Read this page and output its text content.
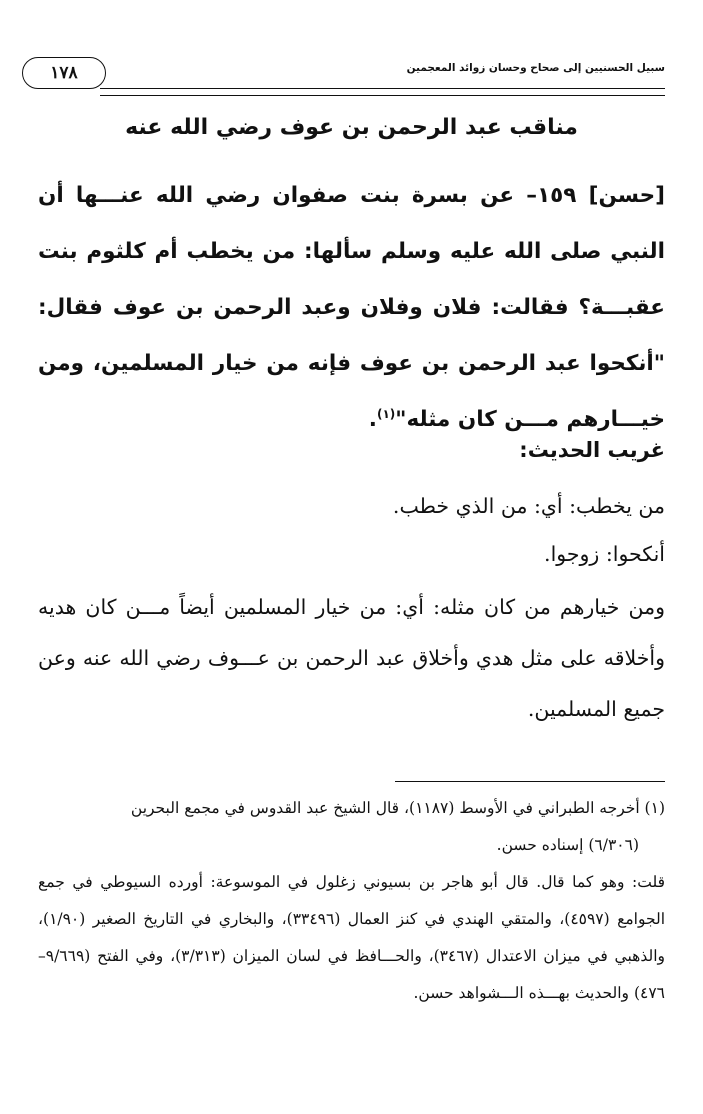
١٧٨	سبيل الحسنيين إلى صحاح وحسان زوائد المعجمين
مناقب عبد الرحمن بن عوف رضي الله عنه
[حسن] ١٥٩– عن بسرة بنت صفوان رضي الله عنـــها أن النبي صلى الله عليه وسلم سألها: من يخطب أم كلثوم بنت عقبـــة؟ فقالت: فلان وفلان وعبد الرحمن بن عوف فقال: "أنكحوا عبد الرحمن بن عوف فإنه من خيار المسلمين، ومن خيـــارهم مـــن كان مثله"$^{(١)}$.
غريب الحديث:
من يخطب: أي: من الذي خطب.
أنكحوا: زوجوا.
ومن خيارهم من كان مثله: أي: من خيار المسلمين أيضاً مـــن كان هديه وأخلاقه على مثل هدي وأخلاق عبد الرحمن بن عـــوف رضي الله عنه وعن جميع المسلمين.

(١) أخرجه الطبراني في الأوسط (١١٨٧)، قال الشيخ عبد القدوس في مجمع البحرين

(٦/٣٠٦) إسناده حسن.

قلت: وهو كما قال. قال أبو هاجر بن بسيوني زغلول في الموسوعة: أورده السيوطي في جمع الجوامع (٤٥٩٧)، والمتقي الهندي في كنز العمال (٣٣٤٩٦)، والبخاري في التاريخ الصغير (١/٩٠)، والذهبي في ميزان الاعتدال (٣٤٦٧)، والحـــافظ في لسان الميزان (٣/٣١٣)، وفي الفتح (٩/٦٦٩–٤٧٦) والحديث بهـــذه الـــشواهد حسن.
